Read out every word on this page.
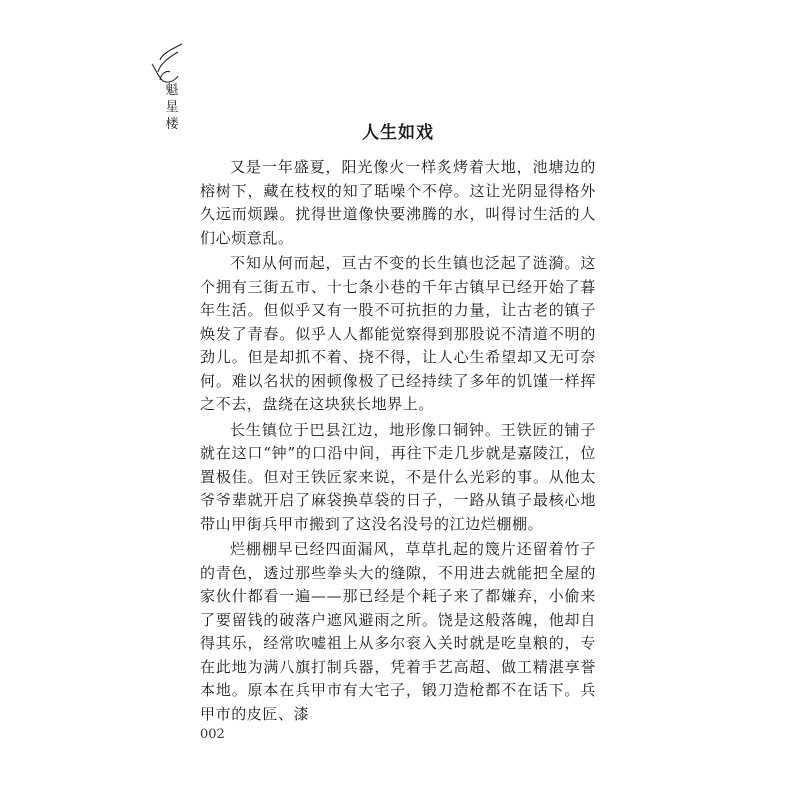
魁
星
楼	人生如戏

又是一年盛夏，阳光像火一样炙烤着大地，池塘边的榕树下，藏在枝杈的知了聒噪个不停。这让光阴显得格外久远而烦躁。扰得世道像快要沸腾的水，叫得讨生活的人们心烦意乱。

不知从何而起，亘古不变的长生镇也泛起了涟漪。这个拥有三街五市、十七条小巷的千年古镇早已经开始了暮年生活。但似乎又有一股不可抗拒的力量，让古老的镇子焕发了青春。似乎人人都能觉察得到那股说不清道不明的劲儿。但是却抓不着、挠不得，让人心生希望却又无可奈何。难以名状的困顿像极了已经持续了多年的饥馑一样挥之不去，盘绕在这块狭长地界上。

长生镇位于巴县江边，地形像口铜钟。王铁匠的铺子就在这口“钟”的口沿中间，再往下走几步就是嘉陵江，位置极佳。但对王铁匠家来说，不是什么光彩的事。从他太爷爷辈就开启了麻袋换草袋的日子，一路从镇子最核心地带山甲街兵甲市搬到了这没名没号的江边烂棚棚。

烂棚棚早已经四面漏风，草草扎起的篾片还留着竹子的青色，透过那些拳头大的缝隙，不用进去就能把全屋的家伙什都看一遍——那已经是个耗子来了都嫌弃，小偷来了要留钱的破落户遮风避雨之所。饶是这般落魄，他却自得其乐，经常吹嘘祖上从多尔衮入关时就是吃皇粮的，专在此地为满八旗打制兵器，凭着手艺高超、做工精湛享誉本地。原本在兵甲市有大宅子，锻刀造枪都不在话下。兵甲市的皮匠、漆

002
